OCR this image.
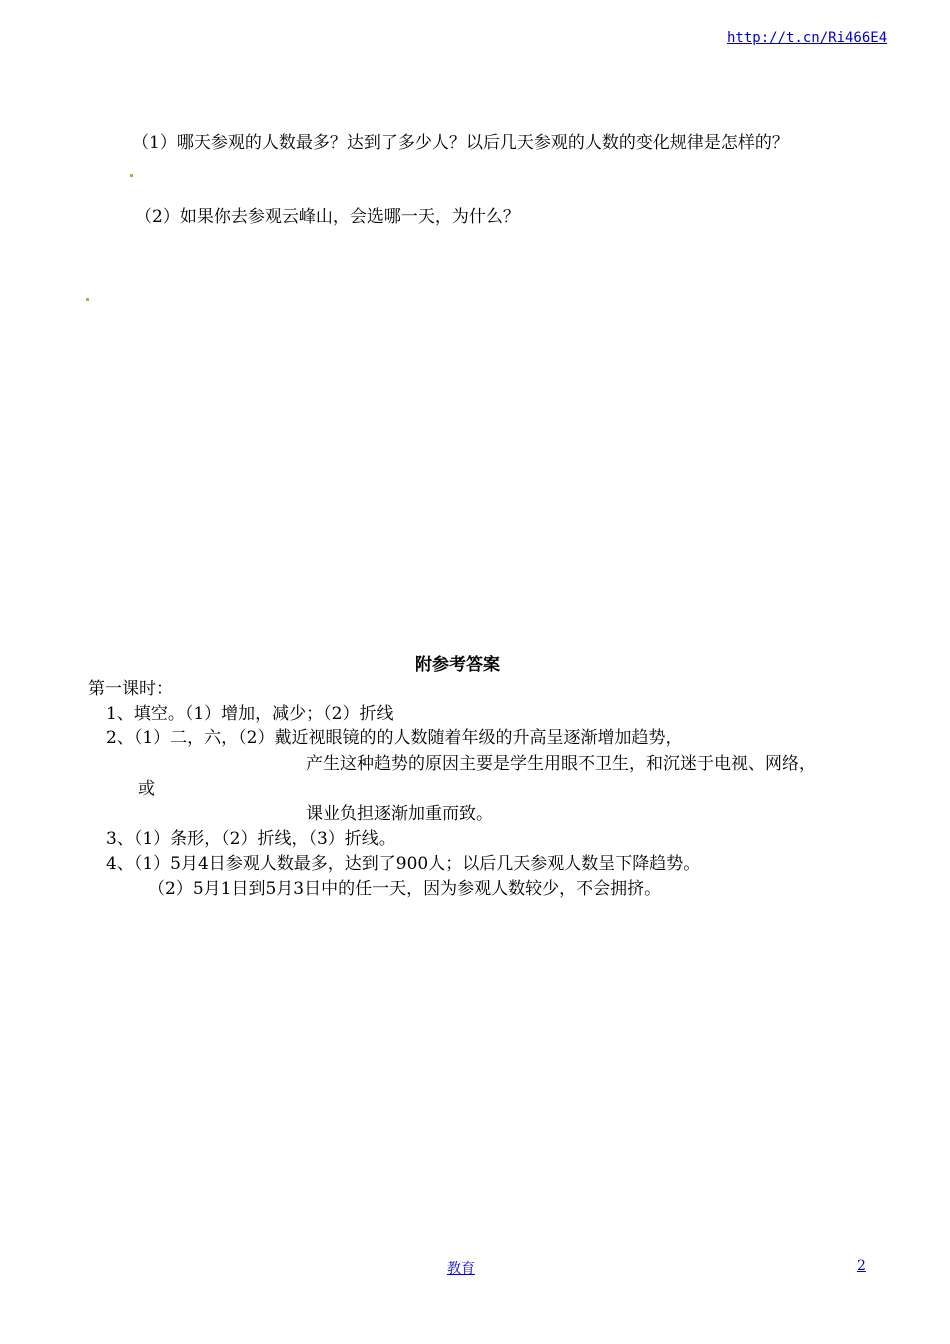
http://t.cn/Ri466E4
（1）哪天参观的人数最多？达到了多少人？以后几天参观的人数的变化规律是怎样的？
（2）如果你去参观云峰山，会选哪一天，为什么？
附参考答案
第一课时：
1、填空。（1）增加，减少；（2）折线
2、（1）二，六，（2）戴近视眼镜的的人数随着年级的升高呈逐渐增加趋势，
产生这种趋势的原因主要是学生用眼不卫生，和沉迷于电视、网络，
或
课业负担逐渐加重而致。
3、（1）条形，（2）折线，（3）折线。
4、（1）5月4日参观人数最多，达到了900人；以后几天参观人数呈下降趋势。
（2）5月1日到5月3日中的任一天，因为参观人数较少，不会拥挤。
教育	2
